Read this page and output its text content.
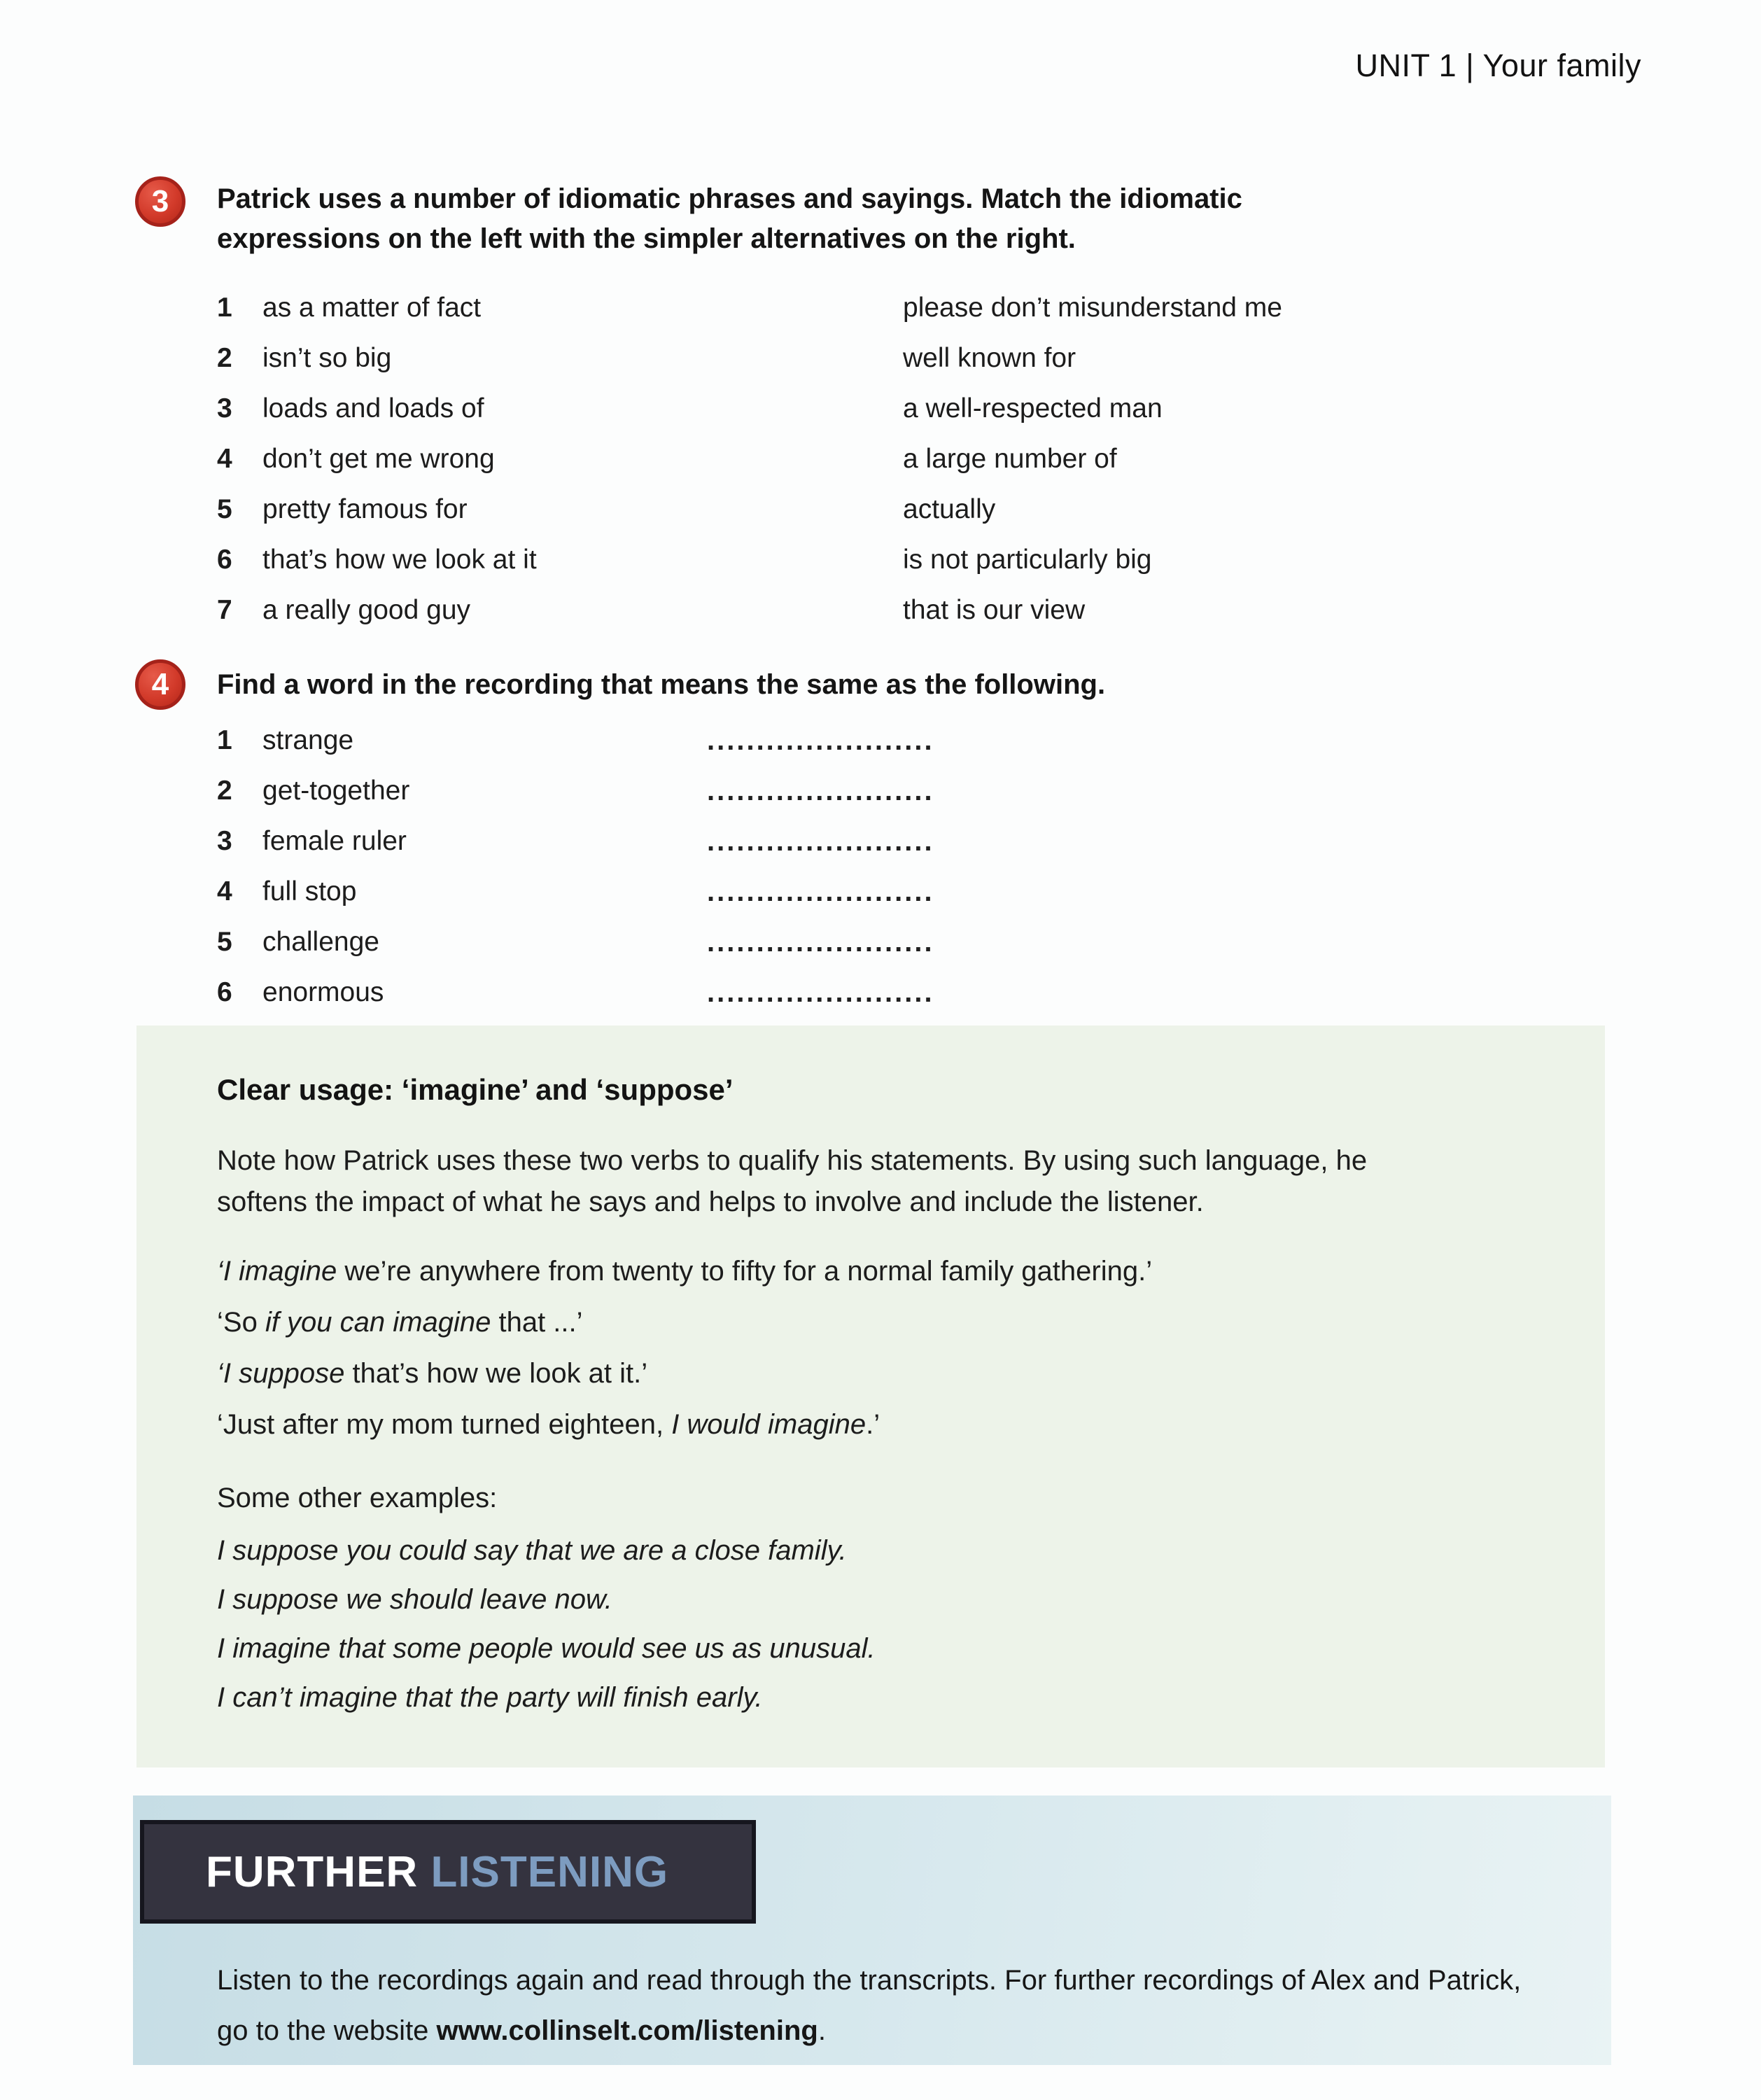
UNIT 1 | Your family
3 Patrick uses a number of idiomatic phrases and sayings. Match the idiomatic expressions on the left with the simpler alternatives on the right.
1	as a matter of fact	please don’t misunderstand me
2	isn’t so big	well known for
3	loads and loads of	a well-respected man
4	don’t get me wrong	a large number of
5	pretty famous for	actually
6	that’s how we look at it	is not particularly big
7	a really good guy	that is our view
4 Find a word in the recording that means the same as the following.
1	strange	.......................
2	get-together	.......................
3	female ruler	.......................
4	full stop	.......................
5	challenge	.......................
6	enormous	.......................
Clear usage: ‘imagine’ and ‘suppose’
Note how Patrick uses these two verbs to qualify his statements. By using such language, he softens the impact of what he says and helps to involve and include the listener.

‘I imagine we’re anywhere from twenty to fifty for a normal family gathering.’

‘So if you can imagine that ...’

‘I suppose that’s how we look at it.’

‘Just after my mom turned eighteen, I would imagine.’

Some other examples:

I suppose you could say that we are a close family.

I suppose we should leave now.

I imagine that some people would see us as unusual.

I can’t imagine that the party will finish early.

FURTHER
LISTENING
Listen to the recordings again and read through the transcripts. For further recordings of Alex and Patrick, go to the website www.collinselt.com/listening.
